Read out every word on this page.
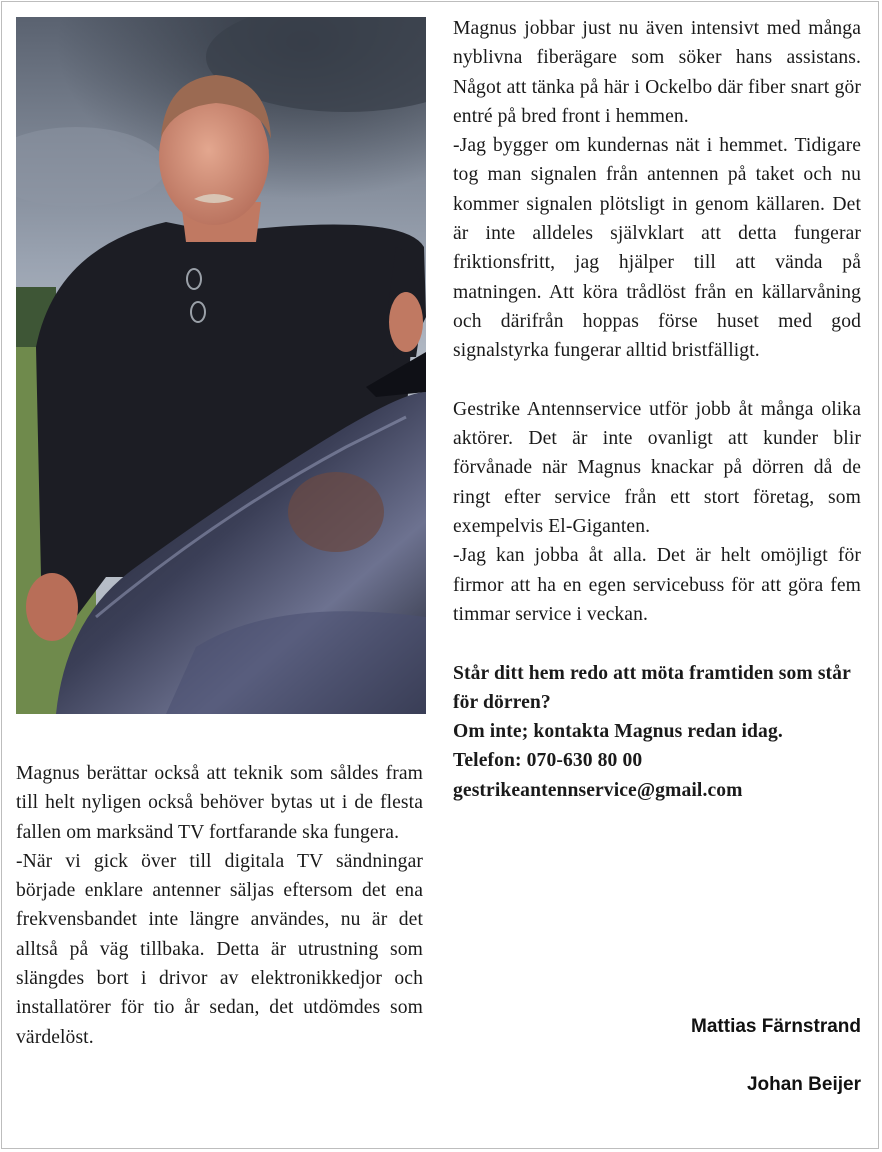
Magnus jobbar just nu även intensivt med många nyblivna fiberägare som söker hans assistans. Något att tänka på här i Ockelbo där fiber snart gör entré på bred front i hemmen.

-Jag bygger om kundernas nät i hemmet. Tidigare tog man signalen från antennen på taket och nu kommer signalen plötsligt in genom källaren. Det är inte alldeles självklart att detta fungerar friktionsfritt, jag hjälper till att vända på matningen. Att köra trådlöst från en källarvåning och därifrån hoppas förse huset med god signalstyrka fungerar alltid bristfälligt.

Gestrike Antennservice utför jobb åt många olika aktörer. Det är inte ovanligt att kunder blir förvånade när Magnus knackar på dörren då de ringt efter service från ett stort företag, som exempelvis El-Giganten.

-Jag kan jobba åt alla. Det är helt omöjligt för firmor att ha en egen servicebuss för att göra fem timmar service i veckan.

Står ditt hem redo att möta framtiden som står för dörren?
Om inte; kontakta Magnus redan idag.
Telefon: 070-630 80 00
gestrikeantennservice@gmail.com

Magnus berättar också att teknik som såldes fram till helt nyligen också behöver bytas ut i de flesta fallen om marksänd TV fortfarande ska fungera.

-När vi gick över till digitala TV sändningar började enklare antenner säljas eftersom det ena frekvensbandet inte längre användes, nu är det alltså på väg tillbaka. Detta är utrustning som slängdes bort i drivor av elektronikkedjor och installatörer för tio år sedan, det utdömdes som värdelöst.

Mattias Färnstrand
Johan Beijer
